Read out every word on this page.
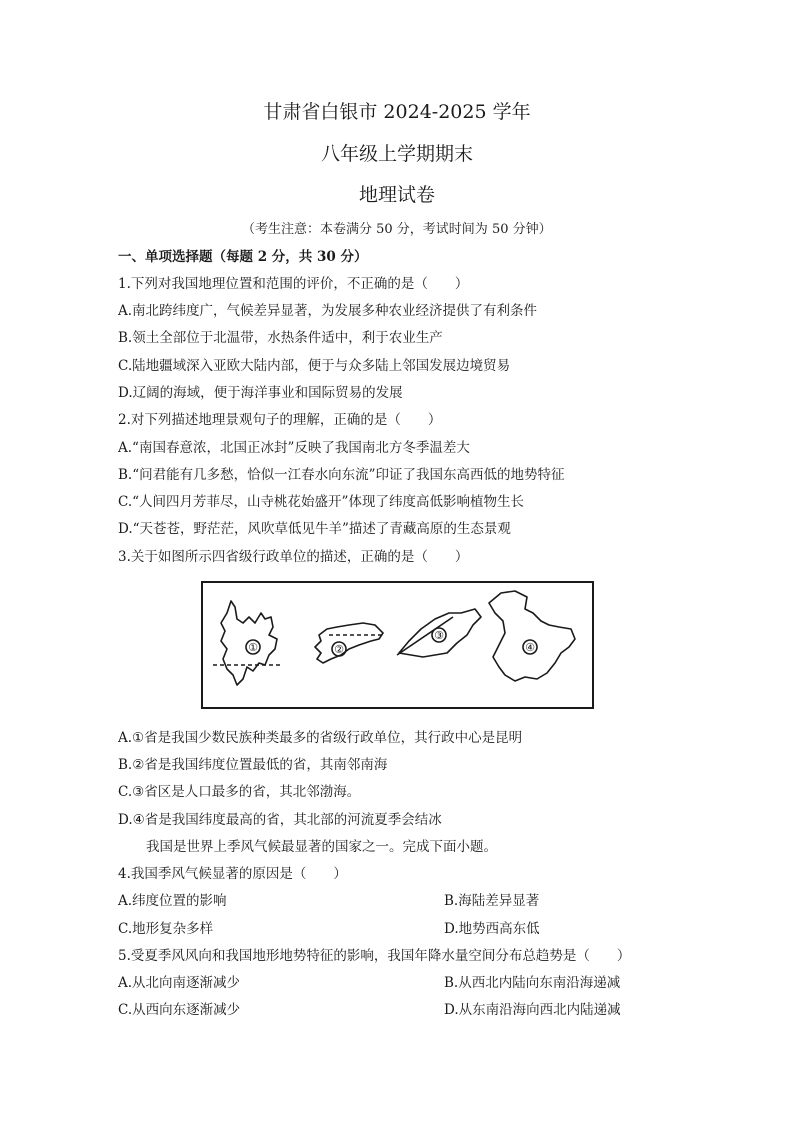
甘肃省白银市 2024-2025 学年
八年级上学期期末
地理试卷
（考生注意：本卷满分 50 分，考试时间为 50 分钟）
一、单项选择题（每题 2 分，共 30 分）
1.下列对我国地理位置和范围的评价，不正确的是（　　）
A.南北跨纬度广，气候差异显著，为发展多种农业经济提供了有利条件
B.领土全部位于北温带，水热条件适中，利于农业生产
C.陆地疆域深入亚欧大陆内部，便于与众多陆上邻国发展边境贸易
D.辽阔的海域，便于海洋事业和国际贸易的发展
2.对下列描述地理景观句子的理解，正确的是（　　）
A.“南国春意浓，北国正冰封”反映了我国南北方冬季温差大
B.“问君能有几多愁，恰似一江春水向东流”印证了我国东高西低的地势特征
C.“人间四月芳菲尽，山寺桃花始盛开”体现了纬度高低影响植物生长
D.“天苍苍，野茫茫，风吹草低见牛羊”描述了青藏高原的生态景观
3.关于如图所示四省级行政单位的描述，正确的是（　　）
①	②
③
④
A.①省是我国少数民族种类最多的省级行政单位，其行政中心是昆明
B.②省是我国纬度位置最低的省，其南邻南海
C.③省区是人口最多的省，其北邻渤海。
D.④省是我国纬度最高的省，其北部的河流夏季会结冰
我国是世界上季风气候最显著的国家之一。完成下面小题。
4.我国季风气候显著的原因是（　　）
A.纬度位置的影响	B.海陆差异显著
C.地形复杂多样	D.地势西高东低
5.受夏季风风向和我国地形地势特征的影响，我国年降水量空间分布总趋势是（　　）
A.从北向南逐渐减少	B.从西北内陆向东南沿海递减
C.从西向东逐渐减少	D.从东南沿海向西北内陆递减
